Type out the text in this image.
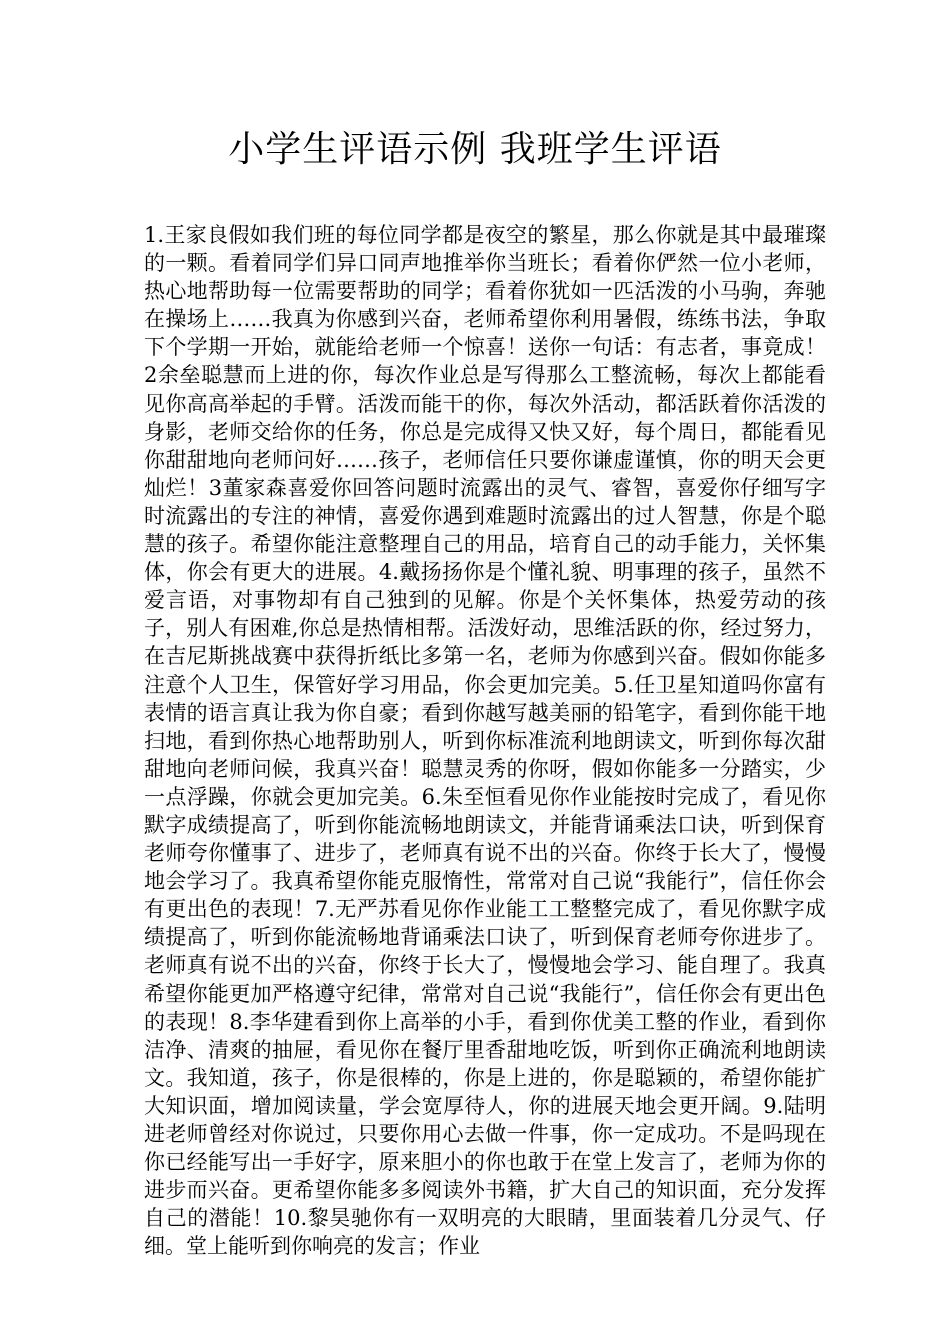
小学生评语示例 我班学生评语

1.王家良假如我们班的每位同学都是夜空的繁星，那么你就是其中最璀璨的一颗。看着同学们异口同声地推举你当班长；看着你俨然一位小老师，热心地帮助每一位需要帮助的同学；看着你犹如一匹活泼的小马驹，奔驰在操场上……我真为你感到兴奋，老师希望你利用暑假，练练书法，争取下个学期一开始，就能给老师一个惊喜！送你一句话：有志者，事竟成！2余垒聪慧而上进的你，每次作业总是写得那么工整流畅，每次上都能看见你高高举起的手臂。活泼而能干的你，每次外活动，都活跃着你活泼的身影，老师交给你的任务，你总是完成得又快又好，每个周日，都能看见你甜甜地向老师问好……孩子，老师信任只要你谦虚谨慎，你的明天会更灿烂！3董家森喜爱你回答问题时流露出的灵气、睿智，喜爱你仔细写字时流露出的专注的神情，喜爱你遇到难题时流露出的过人智慧，你是个聪慧的孩子。希望你能注意整理自己的用品，培育自己的动手能力，关怀集体，你会有更大的进展。4.戴扬扬你是个懂礼貌、明事理的孩子，虽然不爱言语，对事物却有自己独到的见解。你是个关怀集体，热爱劳动的孩子，别人有困难,你总是热情相帮。活泼好动，思维活跃的你，经过努力，在吉尼斯挑战赛中获得折纸比多第一名，老师为你感到兴奋。假如你能多注意个人卫生，保管好学习用品，你会更加完美。5.任卫星知道吗你富有表情的语言真让我为你自豪；看到你越写越美丽的铅笔字，看到你能干地扫地，看到你热心地帮助别人，听到你标准流利地朗读文，听到你每次甜甜地向老师问候，我真兴奋！聪慧灵秀的你呀，假如你能多一分踏实，少一点浮躁，你就会更加完美。6.朱至恒看见你作业能按时完成了，看见你默字成绩提高了，听到你能流畅地朗读文，并能背诵乘法口诀，听到保育老师夸你懂事了、进步了，老师真有说不出的兴奋。你终于长大了，慢慢地会学习了。我真希望你能克服惰性，常常对自己说“我能行”，信任你会有更出色的表现！7.无严苏看见你作业能工工整整完成了，看见你默字成绩提高了，听到你能流畅地背诵乘法口诀了，听到保育老师夸你进步了。老师真有说不出的兴奋，你终于长大了，慢慢地会学习、能自理了。我真希望你能更加严格遵守纪律，常常对自己说“我能行”，信任你会有更出色的表现！8.李华建看到你上高举的小手，看到你优美工整的作业，看到你洁净、清爽的抽屉，看见你在餐厅里香甜地吃饭，听到你正确流利地朗读文。我知道，孩子，你是很棒的，你是上进的，你是聪颖的，希望你能扩大知识面，增加阅读量，学会宽厚待人，你的进展天地会更开阔。9.陆明进老师曾经对你说过，只要你用心去做一件事，你一定成功。不是吗现在你已经能写出一手好字，原来胆小的你也敢于在堂上发言了，老师为你的进步而兴奋。更希望你能多多阅读外书籍，扩大自己的知识面，充分发挥自己的潜能！10.黎昊驰你有一双明亮的大眼睛，里面装着几分灵气、仔细。堂上能听到你响亮的发言；作业
